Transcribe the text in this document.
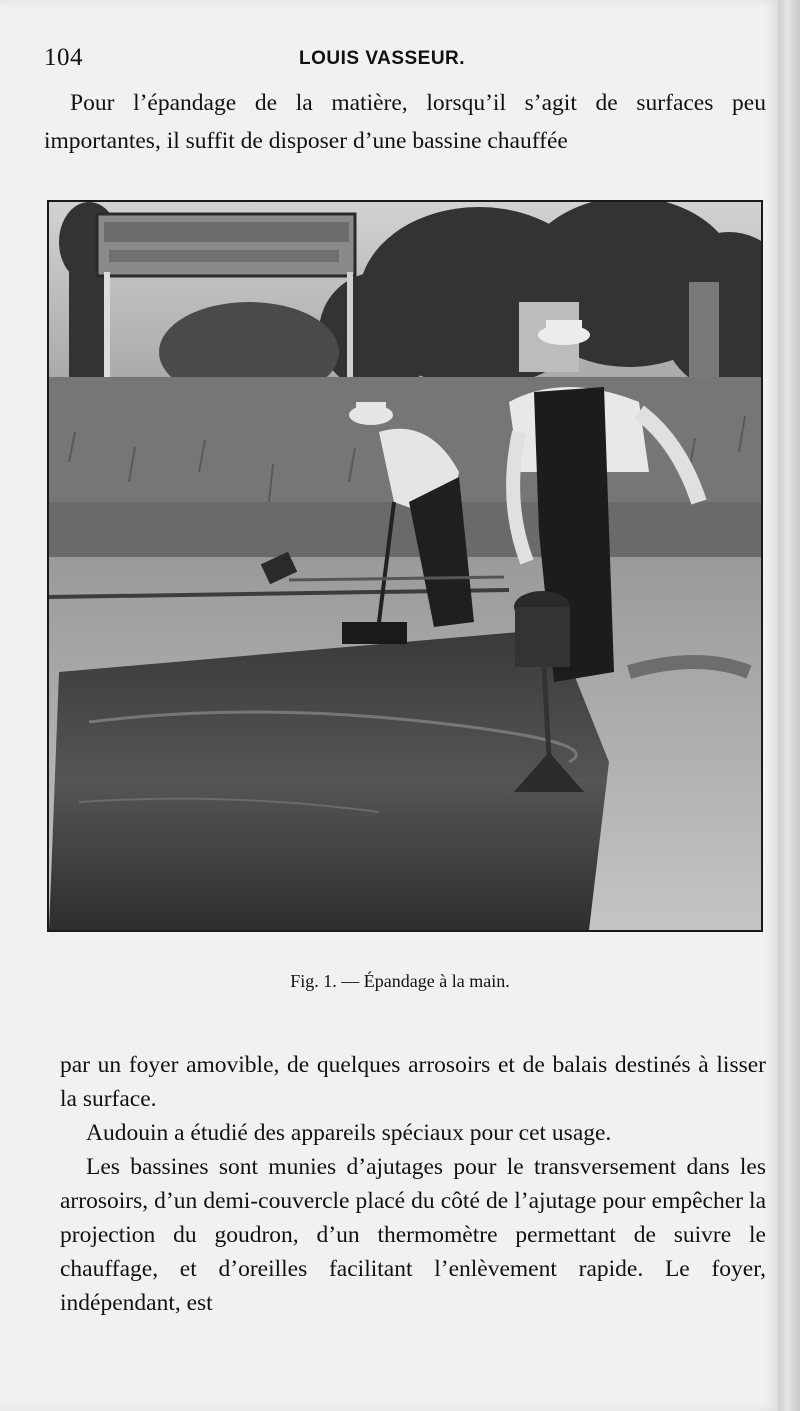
104	LOUIS VASSEUR.

Pour l’épandage de la matière, lorsqu’il s’agit de surfaces peu importantes, il suffit de disposer d’une bassine chauffée

Fig. 1. — Épandage à la main.

par un foyer amovible, de quelques arrosoirs et de balais destinés à lisser la surface.

Audouin a étudié des appareils spéciaux pour cet usage.

Les bassines sont munies d’ajutages pour le transversement dans les arrosoirs, d’un demi-couvercle placé du côté de l’ajutage pour empêcher la projection du goudron, d’un thermomètre permettant de suivre le chauffage, et d’oreilles facilitant l’enlèvement rapide. Le foyer, indépendant, est
